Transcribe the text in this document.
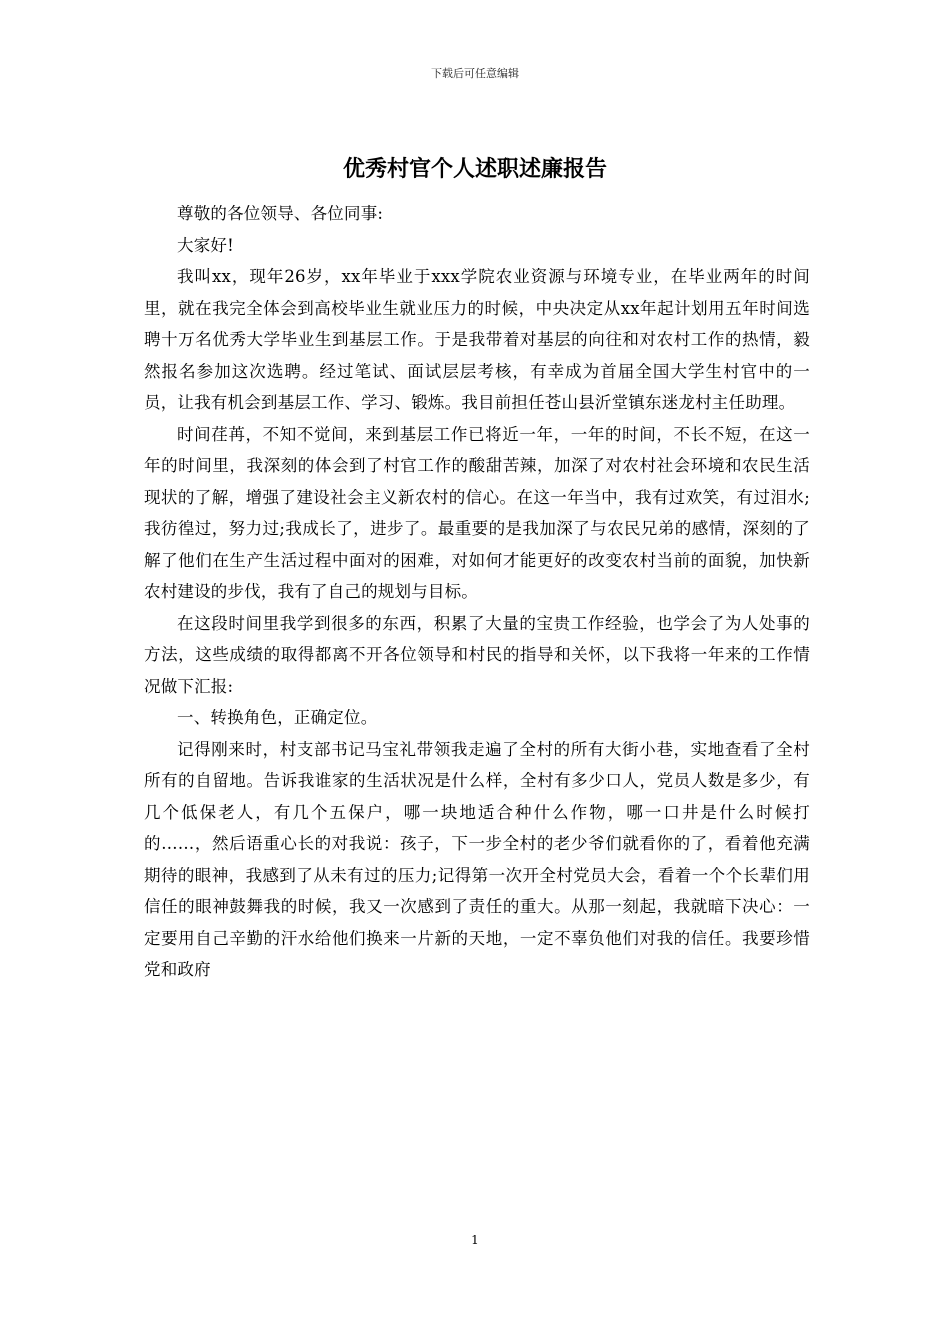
下载后可任意编辑
优秀村官个人述职述廉报告

尊敬的各位领导、各位同事:

大家好!

我叫xx，现年26岁，xx年毕业于xxx学院农业资源与环境专业，在毕业两年的时间里，就在我完全体会到高校毕业生就业压力的时候，中央决定从xx年起计划用五年时间选聘十万名优秀大学毕业生到基层工作。于是我带着对基层的向往和对农村工作的热情，毅然报名参加这次选聘。经过笔试、面试层层考核，有幸成为首届全国大学生村官中的一员，让我有机会到基层工作、学习、锻炼。我目前担任苍山县沂堂镇东迷龙村主任助理。

时间荏苒，不知不觉间，来到基层工作已将近一年，一年的时间，不长不短，在这一年的时间里，我深刻的体会到了村官工作的酸甜苦辣，加深了对农村社会环境和农民生活现状的了解，增强了建设社会主义新农村的信心。在这一年当中，我有过欢笑，有过泪水;我彷徨过，努力过;我成长了，进步了。最重要的是我加深了与农民兄弟的感情，深刻的了解了他们在生产生活过程中面对的困难，对如何才能更好的改变农村当前的面貌，加快新农村建设的步伐，我有了自己的规划与目标。

在这段时间里我学到很多的东西，积累了大量的宝贵工作经验，也学会了为人处事的方法，这些成绩的取得都离不开各位领导和村民的指导和关怀，以下我将一年来的工作情况做下汇报:

一、转换角色，正确定位。

记得刚来时，村支部书记马宝礼带领我走遍了全村的所有大街小巷，实地查看了全村所有的自留地。告诉我谁家的生活状况是什么样，全村有多少口人，党员人数是多少，有几个低保老人，有几个五保户，哪一块地适合种什么作物，哪一口井是什么时候打的……，然后语重心长的对我说：孩子，下一步全村的老少爷们就看你的了，看着他充满期待的眼神，我感到了从未有过的压力;记得第一次开全村党员大会，看着一个个长辈们用信任的眼神鼓舞我的时候，我又一次感到了责任的重大。从那一刻起，我就暗下决心：一定要用自己辛勤的汗水给他们换来一片新的天地，一定不辜负他们对我的信任。我要珍惜党和政府

1
